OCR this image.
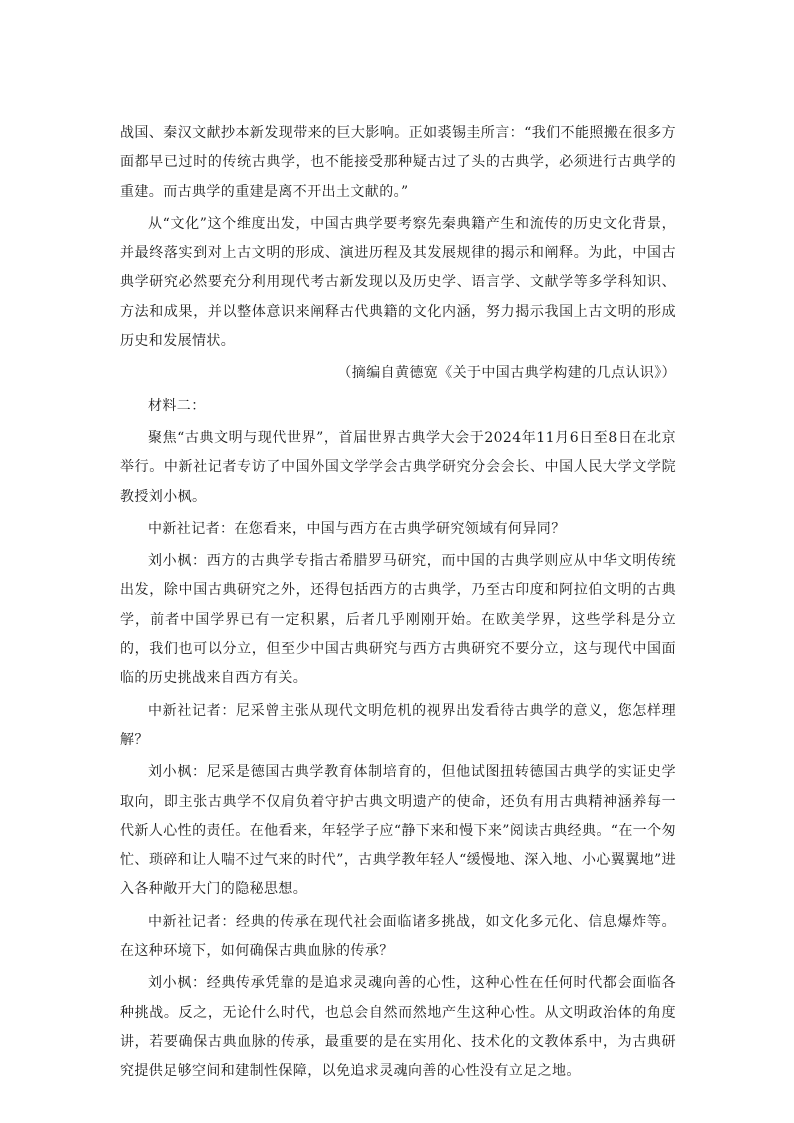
战国、秦汉文献抄本新发现带来的巨大影响。正如裘锡圭所言：“我们不能照搬在很多方面都早已过时的传统古典学，也不能接受那种疑古过了头的古典学，必须进行古典学的重建。而古典学的重建是离不开出土文献的。”

从“文化”这个维度出发，中国古典学要考察先秦典籍产生和流传的历史文化背景，并最终落实到对上古文明的形成、演进历程及其发展规律的揭示和阐释。为此，中国古典学研究必然要充分利用现代考古新发现以及历史学、语言学、文献学等多学科知识、方法和成果，并以整体意识来阐释古代典籍的文化内涵，努力揭示我国上古文明的形成历史和发展情状。

（摘编自黄德宽《关于中国古典学构建的几点认识》）

材料二：

聚焦“古典文明与现代世界”，首届世界古典学大会于2024年11月6日至8日在北京举行。中新社记者专访了中国外国文学学会古典学研究分会会长、中国人民大学文学院教授刘小枫。

中新社记者：在您看来，中国与西方在古典学研究领域有何异同？

刘小枫：西方的古典学专指古希腊罗马研究，而中国的古典学则应从中华文明传统出发，除中国古典研究之外，还得包括西方的古典学，乃至古印度和阿拉伯文明的古典学，前者中国学界已有一定积累，后者几乎刚刚开始。在欧美学界，这些学科是分立的，我们也可以分立，但至少中国古典研究与西方古典研究不要分立，这与现代中国面临的历史挑战来自西方有关。

中新社记者：尼采曾主张从现代文明危机的视界出发看待古典学的意义，您怎样理解？

刘小枫：尼采是德国古典学教育体制培育的，但他试图扭转德国古典学的实证史学取向，即主张古典学不仅肩负着守护古典文明遗产的使命，还负有用古典精神涵养每一代新人心性的责任。在他看来，年轻学子应“静下来和慢下来”阅读古典经典。“在一个匆忙、琐碎和让人喘不过气来的时代”，古典学教年轻人“缓慢地、深入地、小心翼翼地”进入各种敞开大门的隐秘思想。

中新社记者：经典的传承在现代社会面临诸多挑战，如文化多元化、信息爆炸等。在这种环境下，如何确保古典血脉的传承？

刘小枫：经典传承凭靠的是追求灵魂向善的心性，这种心性在任何时代都会面临各种挑战。反之，无论什么时代，也总会自然而然地产生这种心性。从文明政治体的角度讲，若要确保古典血脉的传承，最重要的是在实用化、技术化的文教体系中，为古典研究提供足够空间和建制性保障，以免追求灵魂向善的心性没有立足之地。
